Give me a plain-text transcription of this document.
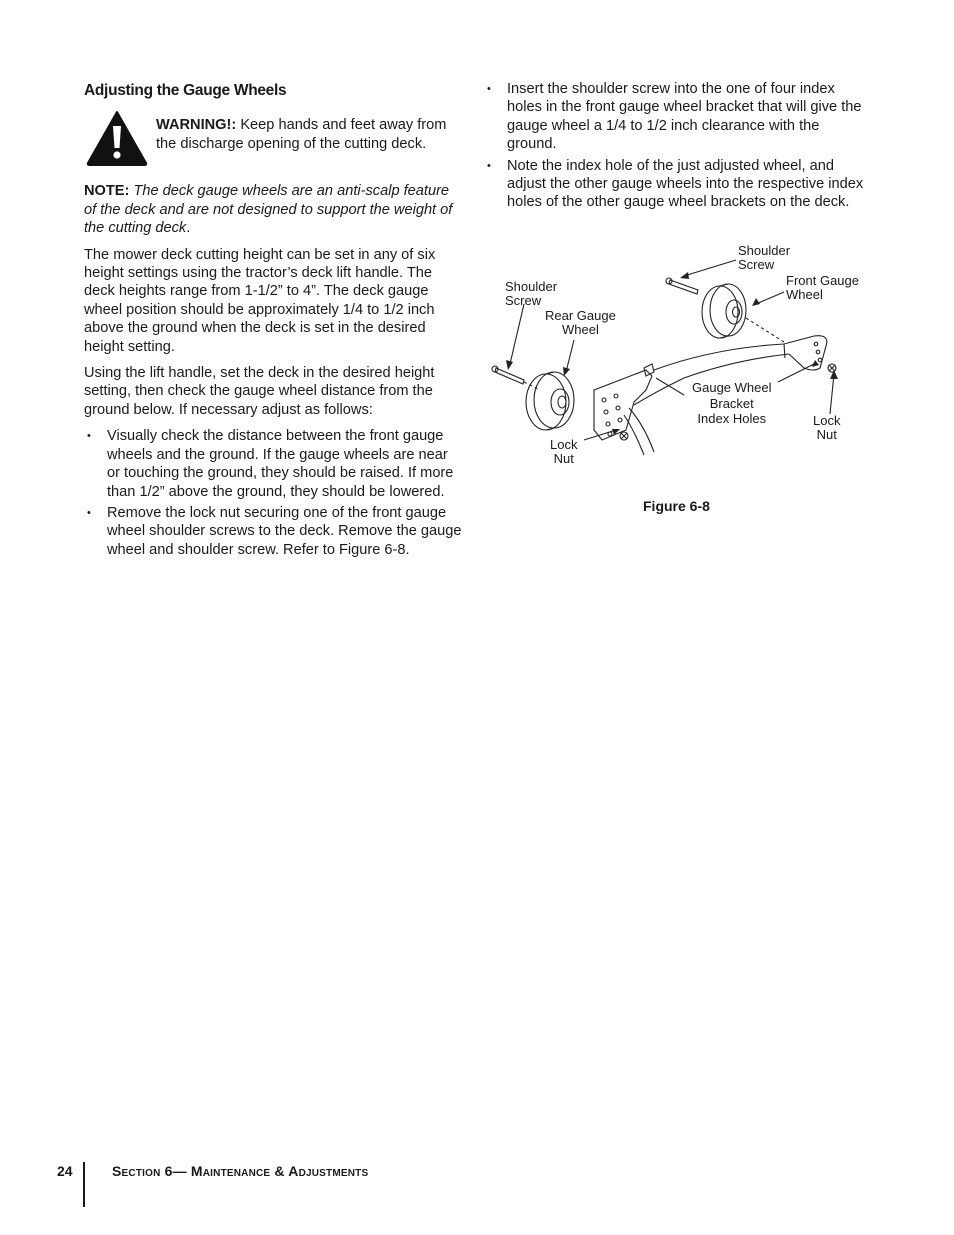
Adjusting the Gauge Wheels
WARNING!: Keep hands and feet away from the discharge opening of the cutting deck.

NOTE: The deck gauge wheels are an anti-scalp feature of the deck and are not designed to support the weight of the cutting deck.

The mower deck cutting height can be set in any of six height settings using the tractor’s deck lift handle. The deck heights range from 1-1/2” to 4”. The deck gauge wheel position should be approximately 1/4 to 1/2 inch above the ground when the deck is set in the desired height setting.

Using the lift handle, set the deck in the desired height setting, then check the gauge wheel distance from the ground below. If necessary adjust as follows:

• Visually check the distance between the front gauge wheels and the ground. If the gauge wheels are near or touching the ground, they should be raised. If more than 1/2” above the ground, they should be lowered.
• Remove the lock nut securing one of the front gauge wheel shoulder screws to the deck. Remove the gauge wheel and shoulder screw. Refer to Figure 6-8.
• Insert the shoulder screw into the one of four index holes in the front gauge wheel bracket that will give the gauge wheel a 1/4 to 1/2 inch clearance with the ground.
• Note the index hole of the just adjusted wheel, and adjust the other gauge wheels into the respective index holes of the other gauge wheel brackets on the deck.
Shoulder
Screw
Front Gauge
Wheel
Shoulder
Screw
Rear Gauge
Wheel
Gauge Wheel
Bracket
Index Holes
Lock
Nut
Lock
Nut
Figure 6-8
24	Section 6— Maintenance & Adjustments
